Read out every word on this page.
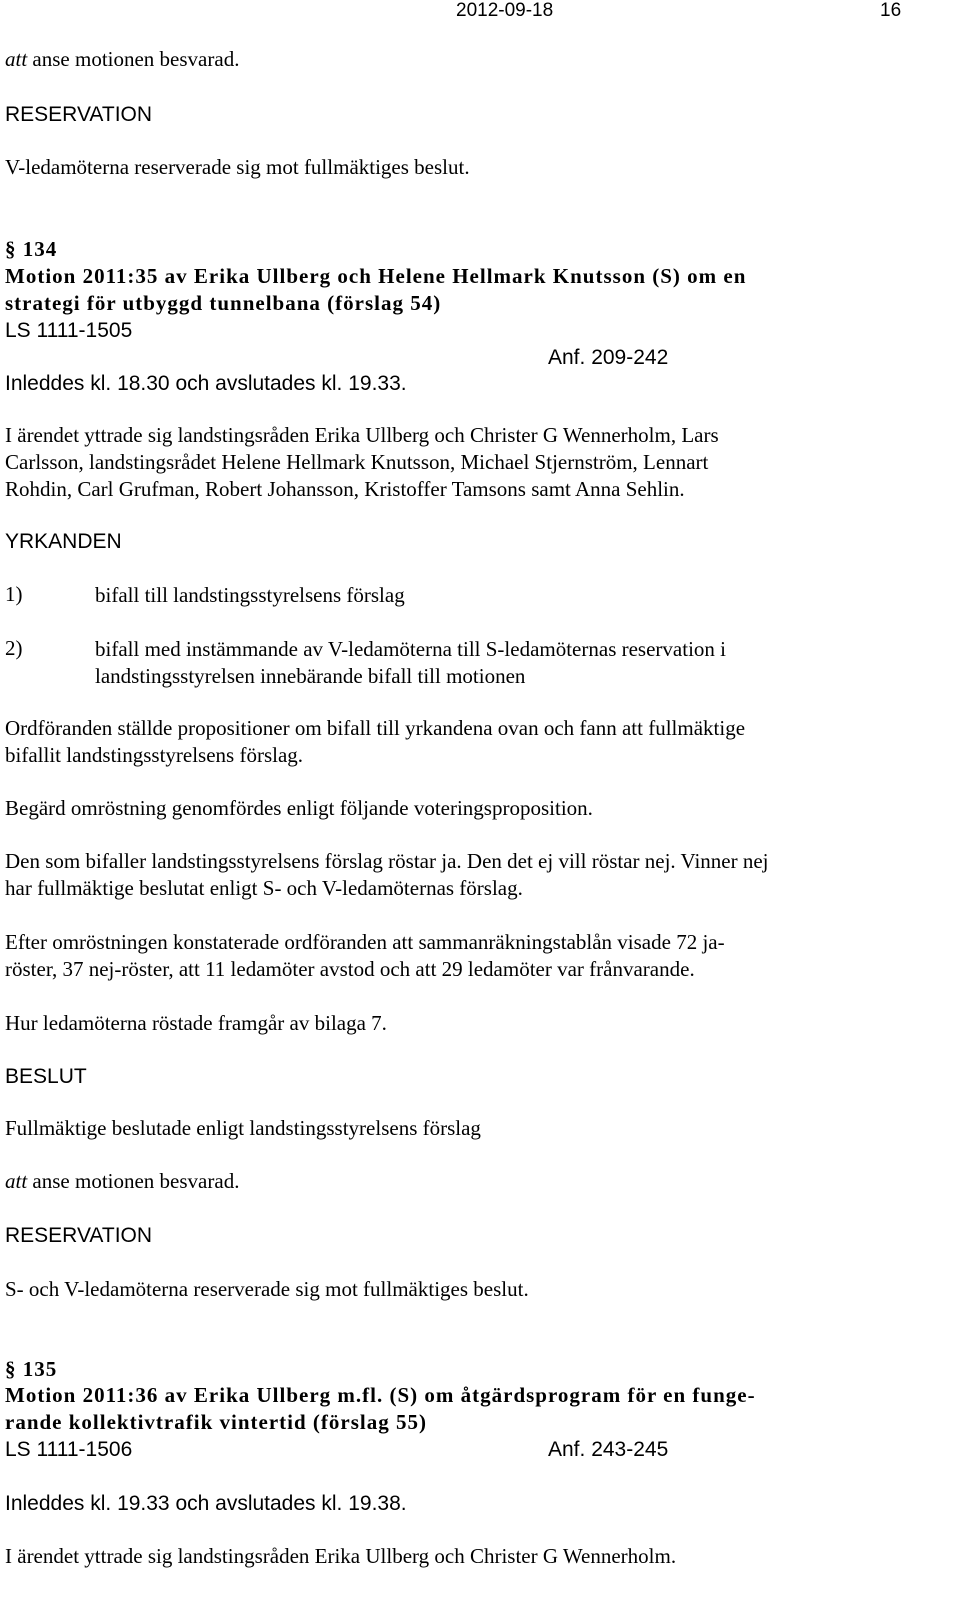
2012-09-18	16
att anse motionen besvarad.
RESERVATION
V-ledamöterna reserverade sig mot fullmäktiges beslut.
§ 134
Motion 2011:35 av Erika Ullberg och Helene Hellmark Knutsson (S) om en
strategi för utbyggd tunnelbana (förslag 54)
LS 1111-1505
Anf. 209-242
Inleddes kl. 18.30 och avslutades kl. 19.33.
I ärendet yttrade sig landstingsråden Erika Ullberg och Christer G Wennerholm, Lars
Carlsson, landstingsrådet Helene Hellmark Knutsson, Michael Stjernström, Lennart
Rohdin, Carl Grufman, Robert Johansson, Kristoffer Tamsons samt Anna Sehlin.
YRKANDEN
1)	bifall till landstingsstyrelsens förslag
2)	bifall med instämmande av V-ledamöterna till S-ledamöternas reservation i
landstingsstyrelsen innebärande bifall till motionen
Ordföranden ställde propositioner om bifall till yrkandena ovan och fann att fullmäktige
bifallit landstingsstyrelsens förslag.
Begärd omröstning genomfördes enligt följande voteringsproposition.
Den som bifaller landstingsstyrelsens förslag röstar ja. Den det ej vill röstar nej. Vinner nej
har fullmäktige beslutat enligt S- och V-ledamöternas förslag.
Efter omröstningen konstaterade ordföranden att sammanräkningstablån visade 72 ja-
röster, 37 nej-röster, att 11 ledamöter avstod och att 29 ledamöter var frånvarande.
Hur ledamöterna röstade framgår av bilaga 7.
BESLUT
Fullmäktige beslutade enligt landstingsstyrelsens förslag
att anse motionen besvarad.
RESERVATION
S- och V-ledamöterna reserverade sig mot fullmäktiges beslut.
§ 135
Motion 2011:36 av Erika Ullberg m.fl. (S) om åtgärdsprogram för en funge-
rande kollektivtrafik vintertid (förslag 55)
LS 1111-1506	Anf. 243-245
Inleddes kl. 19.33 och avslutades kl. 19.38.
I ärendet yttrade sig landstingsråden Erika Ullberg och Christer G Wennerholm.
